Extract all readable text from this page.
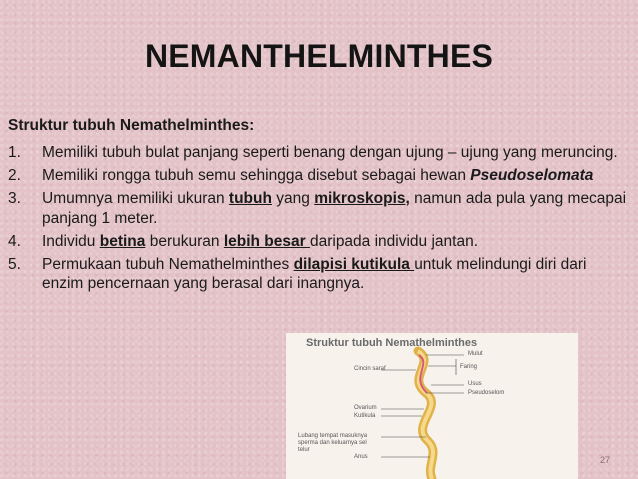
NEMANTHELMINTHES
Struktur tubuh Nemathelminthes:
1. Memiliki tubuh bulat panjang seperti benang dengan ujung – ujung yang meruncing.
2. Memiliki rongga tubuh semu sehingga disebut sebagai hewan Pseudoselomata
3. Umumnya memiliki ukuran tubuh yang mikroskopis, namun ada pula yang mecapai panjang 1 meter.
4. Individu betina berukuran lebih besar daripada individu jantan.
5. Permukaan tubuh Nemathelminthes dilapisi kutikula untuk melindungi diri dari enzim pencernaan yang berasal dari inangnya.
Struktur tubuh Nemathelminthes
Mulut
Cincin saraf	Faring
Usus
Pseudoselom
Ovarium
Kutikula
Lubang tempat masuknya sperma dan keluarnya sel telur
Anus	27
